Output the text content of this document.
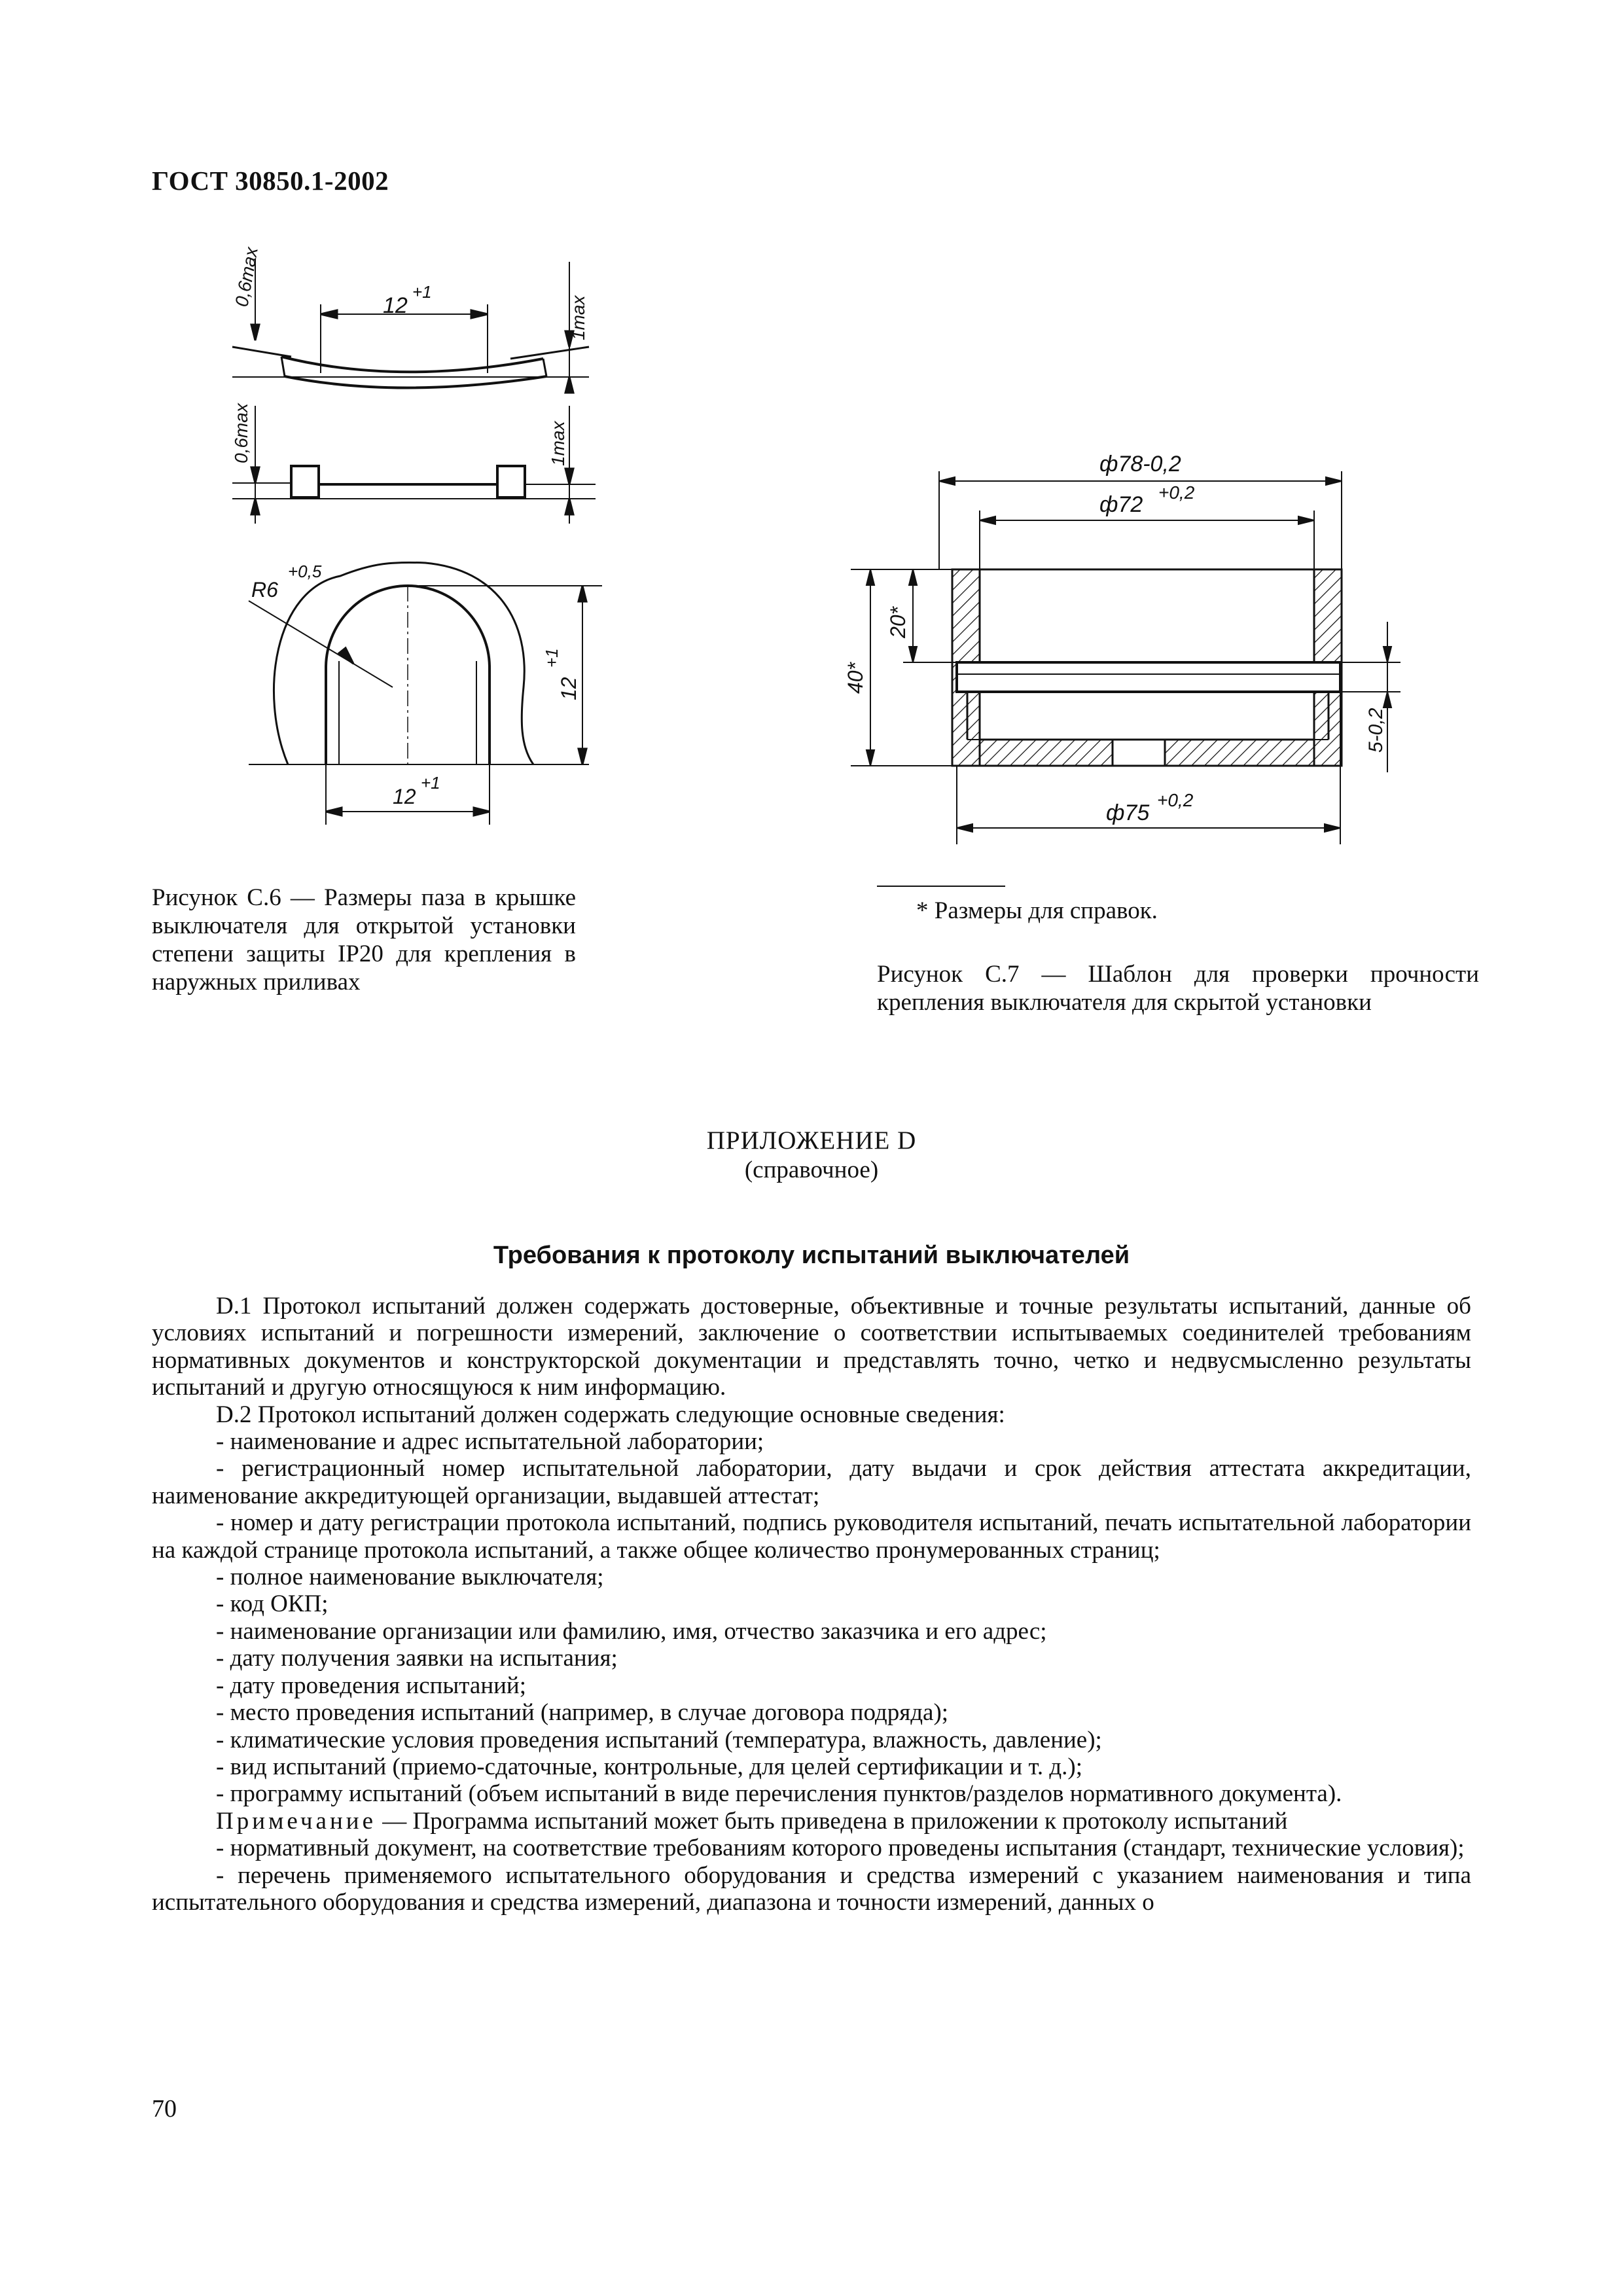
ГОСТ 30850.1-2002
12
+1
0,6max
1max
0,6max	1max
R6
+0,5
12
+1
12
+1
ф78-0,2
ф72 +0,2
ф75
+0,2
40*
20*
5-0,2
Рисунок С.6 — Размеры паза в крышке выключателя для открытой установки степени защиты IP20 для крепления в наружных приливах
* Размеры для справок.
Рисунок С.7 — Шаблон для проверки прочности крепления выключателя для скрытой установки
ПРИЛОЖЕНИЕ D
(справочное)
Требования к протоколу испытаний выключателей

D.1 Протокол испытаний должен содержать достоверные, объективные и точные результаты испытаний, данные об условиях испытаний и погрешности измерений, заключение о соответствии испытываемых соединителей требованиям нормативных документов и конструкторской документации и представлять точно, четко и недвусмысленно результаты испытаний и другую относящуюся к ним информацию.

D.2 Протокол испытаний должен содержать следующие основные сведения:

- наименование и адрес испытательной лаборатории;

- регистрационный номер испытательной лаборатории, дату выдачи и срок действия аттестата аккредитации, наименование аккредитующей организации, выдавшей аттестат;

- номер и дату регистрации протокола испытаний, подпись руководителя испытаний, печать испытательной лаборатории на каждой странице протокола испытаний, а также общее количество пронумерованных страниц;

- полное наименование выключателя;

- код ОКП;

- наименование организации или фамилию, имя, отчество заказчика и его адрес;

- дату получения заявки на испытания;

- дату проведения испытаний;

- место проведения испытаний (например, в случае договора подряда);

- климатические условия проведения испытаний (температура, влажность, давление);

- вид испытаний (приемо-сдаточные, контрольные, для целей сертификации и т. д.);

- программу испытаний (объем испытаний в виде перечисления пунктов/разделов нормативного документа).

Примечание — Программа испытаний может быть приведена в приложении к протоколу испытаний

- нормативный документ, на соответствие требованиям которого проведены испытания (стандарт, технические условия);

- перечень применяемого испытательного оборудования и средства измерений с указанием наименования и типа испытательного оборудования и средства измерений, диапазона и точности измерений, данных о

70
